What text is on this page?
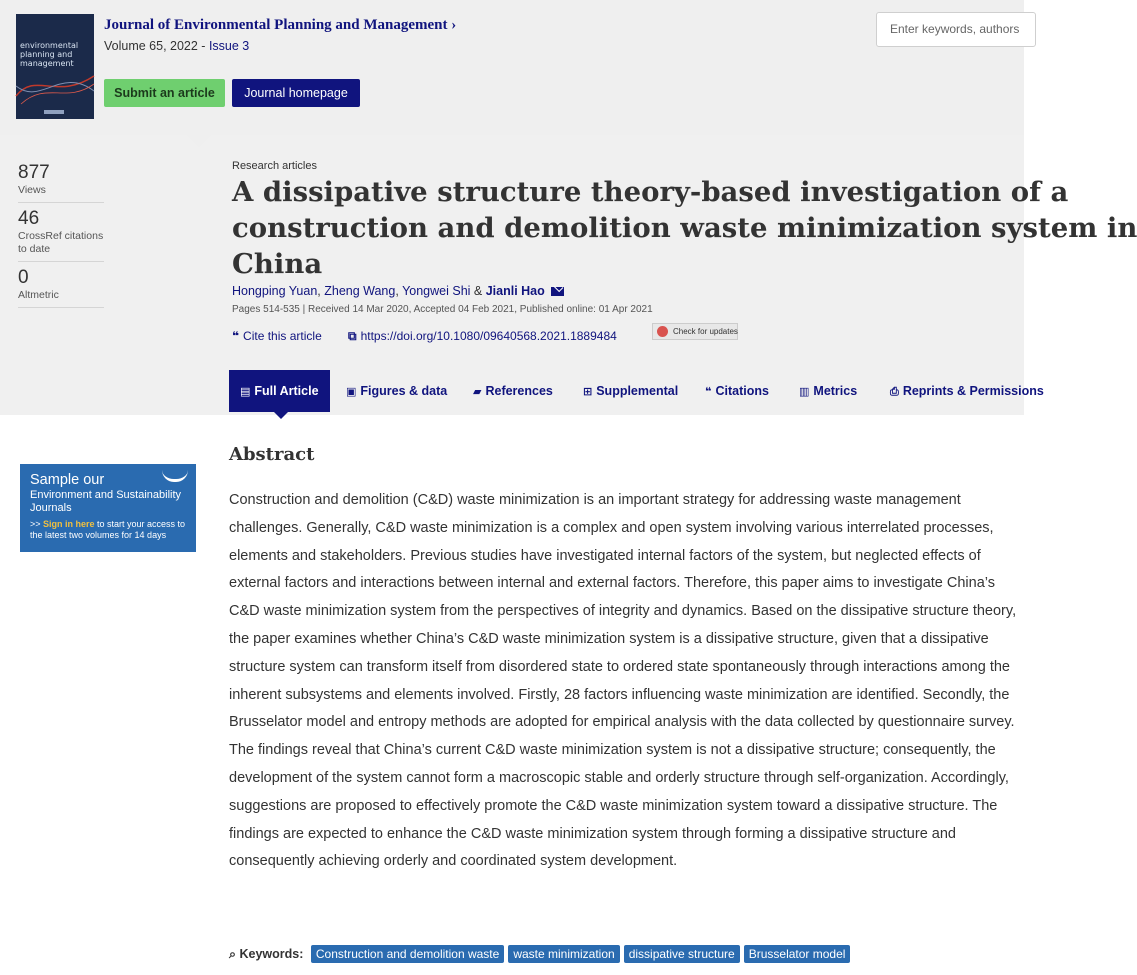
environmental planning and management
Journal of Environmental Planning and Management ›
Volume 65, 2022 - Issue 3
Submit an article	Journal homepage
Enter keywords, authors
877
Views
46
CrossRef citations to date
0
Altmetric
Research articles
A dissipative structure theory-based investigation of a
construction and demolition waste minimization system in
China
Hongping Yuan, Zheng Wang, Yongwei Shi & Jianli Hao
Pages 514-535 | Received 14 Mar 2020, Accepted 04 Feb 2021, Published online: 01 Apr 2021
❝ Cite this article ⧉ https://doi.org/10.1080/09640568.2021.1889484	Check for updates
▤ Full Article	▣ Figures & data ▰ References	⊞ Supplemental ❝ Citations	▥ Metrics	⎙ Reprints & Permissions
Sample our
Environment and Sustainability Journals
>> Sign in here to start your access to the latest two volumes for 14 days
Abstract
Construction and demolition (C&D) waste minimization is an important strategy for addressing waste management challenges. Generally, C&D waste minimization is a complex and open system involving various interrelated processes, elements and stakeholders. Previous studies have investigated internal factors of the system, but neglected effects of external factors and interactions between internal and external factors. Therefore, this paper aims to investigate China’s C&D waste minimization system from the perspectives of integrity and dynamics. Based on the dissipative structure theory, the paper examines whether China’s C&D waste minimization system is a dissipative structure, given that a dissipative structure system can transform itself from disordered state to ordered state spontaneously through interactions among the inherent subsystems and elements involved. Firstly, 28 factors influencing waste minimization are identified. Secondly, the Brusselator model and entropy methods are adopted for empirical analysis with the data collected by questionnaire survey. The findings reveal that China’s current C&D waste minimization system is not a dissipative structure; consequently, the development of the system cannot form a macroscopic stable and orderly structure through self-organization. Accordingly, suggestions are proposed to effectively promote the C&D waste minimization system toward a dissipative structure. The findings are expected to enhance the C&D waste minimization system through forming a dissipative structure and consequently achieving orderly and coordinated system development.
⌕ Keywords: Construction and demolition waste waste minimization dissipative structure Brusselator model
